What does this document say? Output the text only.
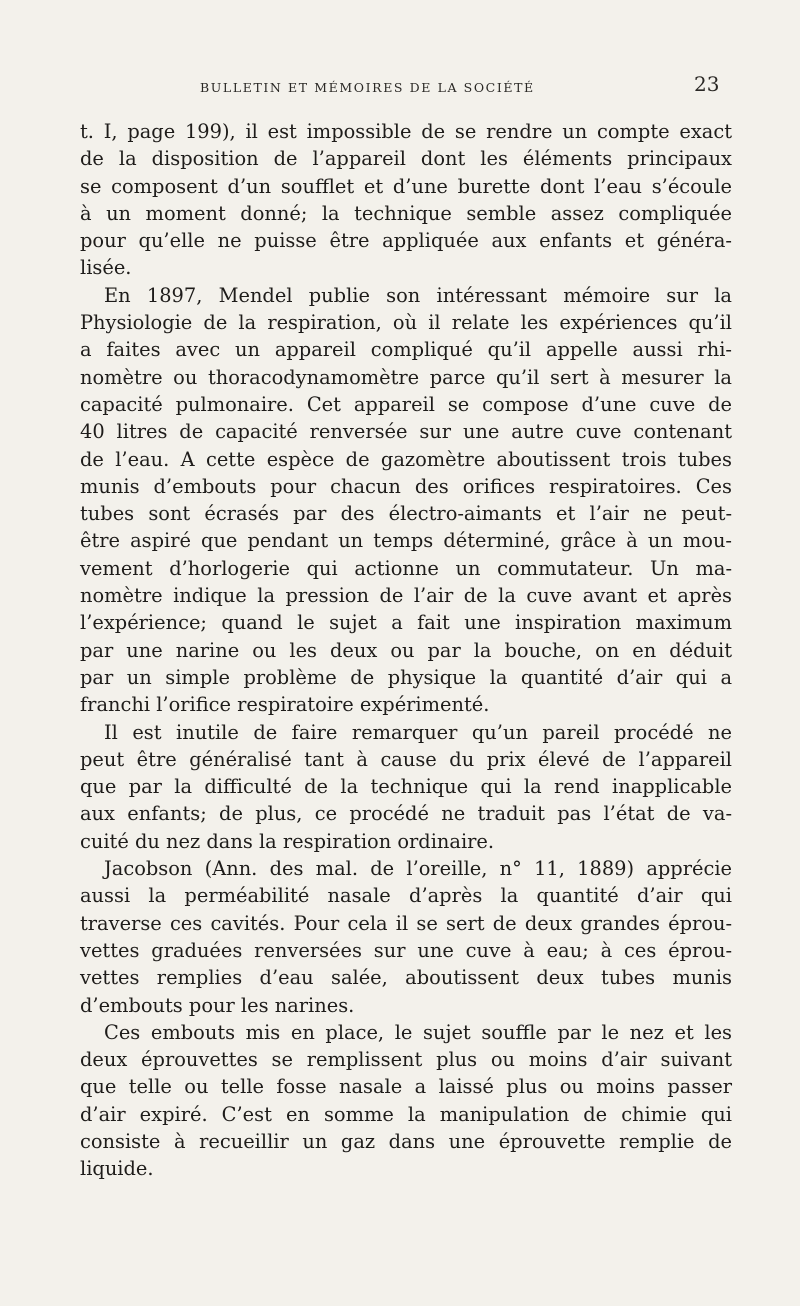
BULLETIN ET MÉMOIRES DE LA SOCIÉTÉ	23

t. I, page 199), il est impossible de se rendre un compte exact
de la disposition de l’appareil dont les éléments principaux
se composent d’un soufflet et d’une burette dont l’eau s’écoule
à un moment donné; la technique semble assez compliquée
pour qu’elle ne puisse être appliquée aux enfants et généra-
lisée.

En 1897, Mendel publie son intéressant mémoire sur la
Physiologie de la respiration, où il relate les expériences qu’il
a faites avec un appareil compliqué qu’il appelle aussi rhi-
nomètre ou thoracodynamomètre parce qu’il sert à mesurer la
capacité pulmonaire. Cet appareil se compose d’une cuve de
40 litres de capacité renversée sur une autre cuve contenant
de l’eau. A cette espèce de gazomètre aboutissent trois tubes
munis d’embouts pour chacun des orifices respiratoires. Ces
tubes sont écrasés par des électro-aimants et l’air ne peut-
être aspiré que pendant un temps déterminé, grâce à un mou-
vement d’horlogerie qui actionne un commutateur. Un ma-
nomètre indique la pression de l’air de la cuve avant et après
l’expérience; quand le sujet a fait une inspiration maximum
par une narine ou les deux ou par la bouche, on en déduit
par un simple problème de physique la quantité d’air qui a
franchi l’orifice respiratoire expérimenté.

Il est inutile de faire remarquer qu’un pareil procédé ne
peut être généralisé tant à cause du prix élevé de l’appareil
que par la difficulté de la technique qui la rend inapplicable
aux enfants; de plus, ce procédé ne traduit pas l’état de va-
cuité du nez dans la respiration ordinaire.

Jacobson (Ann. des mal. de l’oreille, n° 11, 1889) apprécie
aussi la perméabilité nasale d’après la quantité d’air qui
traverse ces cavités. Pour cela il se sert de deux grandes éprou-
vettes graduées renversées sur une cuve à eau; à ces éprou-
vettes remplies d’eau salée, aboutissent deux tubes munis
d’embouts pour les narines.

Ces embouts mis en place, le sujet souffle par le nez et les
deux éprouvettes se remplissent plus ou moins d’air suivant
que telle ou telle fosse nasale a laissé plus ou moins passer
d’air expiré. C’est en somme la manipulation de chimie qui
consiste à recueillir un gaz dans une éprouvette remplie de
liquide.
